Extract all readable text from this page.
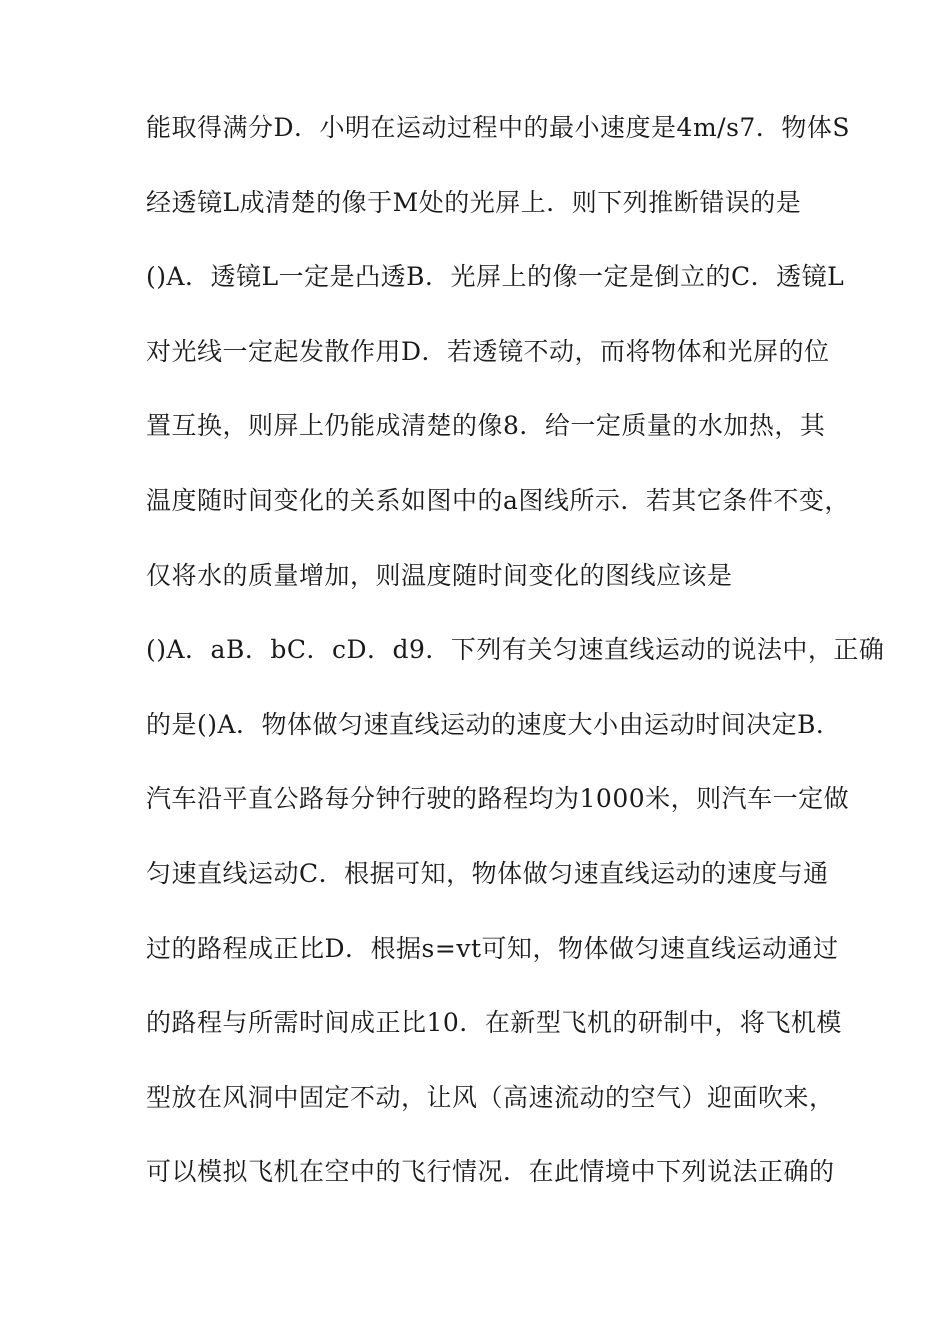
能取得满分D．小明在运动过程中的最小速度是4m/s7．物体S
经透镜L成清楚的像于M处的光屏上．则下列推断错误的是
()A．透镜L一定是凸透B．光屏上的像一定是倒立的C．透镜L
对光线一定起发散作用D．若透镜不动，而将物体和光屏的位
置互换，则屏上仍能成清楚的像8．给一定质量的水加热，其
温度随时间变化的关系如图中的a图线所示．若其它条件不变，
仅将水的质量增加，则温度随时间变化的图线应该是
()A．aB．bC．cD．d9．下列有关匀速直线运动的说法中，正确
的是()A．物体做匀速直线运动的速度大小由运动时间决定B．
汽车沿平直公路每分钟行驶的路程均为1000米，则汽车一定做
匀速直线运动C．根据可知，物体做匀速直线运动的速度与通
过的路程成正比D．根据s=vt可知，物体做匀速直线运动通过
的路程与所需时间成正比10．在新型飞机的研制中，将飞机模
型放在风洞中固定不动，让风（高速流动的空气）迎面吹来，
可以模拟飞机在空中的飞行情况．在此情境中下列说法正确的
